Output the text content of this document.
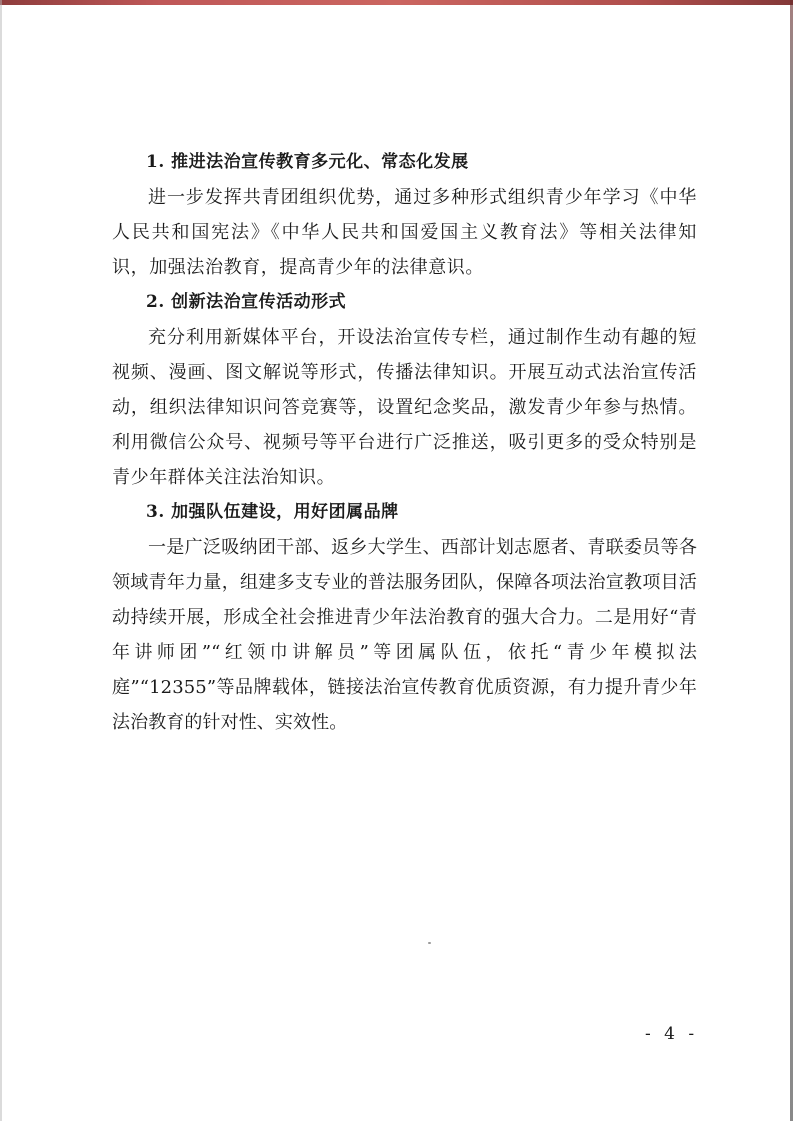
1. 推进法治宣传教育多元化、常态化发展

进一步发挥共青团组织优势，通过多种形式组织青少年学习《中华人民共和国宪法》《中华人民共和国爱国主义教育法》等相关法律知识，加强法治教育，提高青少年的法律意识。

2. 创新法治宣传活动形式

充分利用新媒体平台，开设法治宣传专栏，通过制作生动有趣的短视频、漫画、图文解说等形式，传播法律知识。开展互动式法治宣传活动，组织法律知识问答竞赛等，设置纪念奖品，激发青少年参与热情。利用微信公众号、视频号等平台进行广泛推送，吸引更多的受众特别是青少年群体关注法治知识。

3. 加强队伍建设，用好团属品牌

一是广泛吸纳团干部、返乡大学生、西部计划志愿者、青联委员等各领域青年力量，组建多支专业的普法服务团队，保障各项法治宣教项目活动持续开展，形成全社会推进青少年法治教育的强大合力。二是用好“青年讲师团”“红领巾讲解员”等团属队伍，依托“青少年模拟法庭”“12355”等品牌载体，链接法治宣传教育优质资源，有力提升青少年法治教育的针对性、实效性。

- 4 -
